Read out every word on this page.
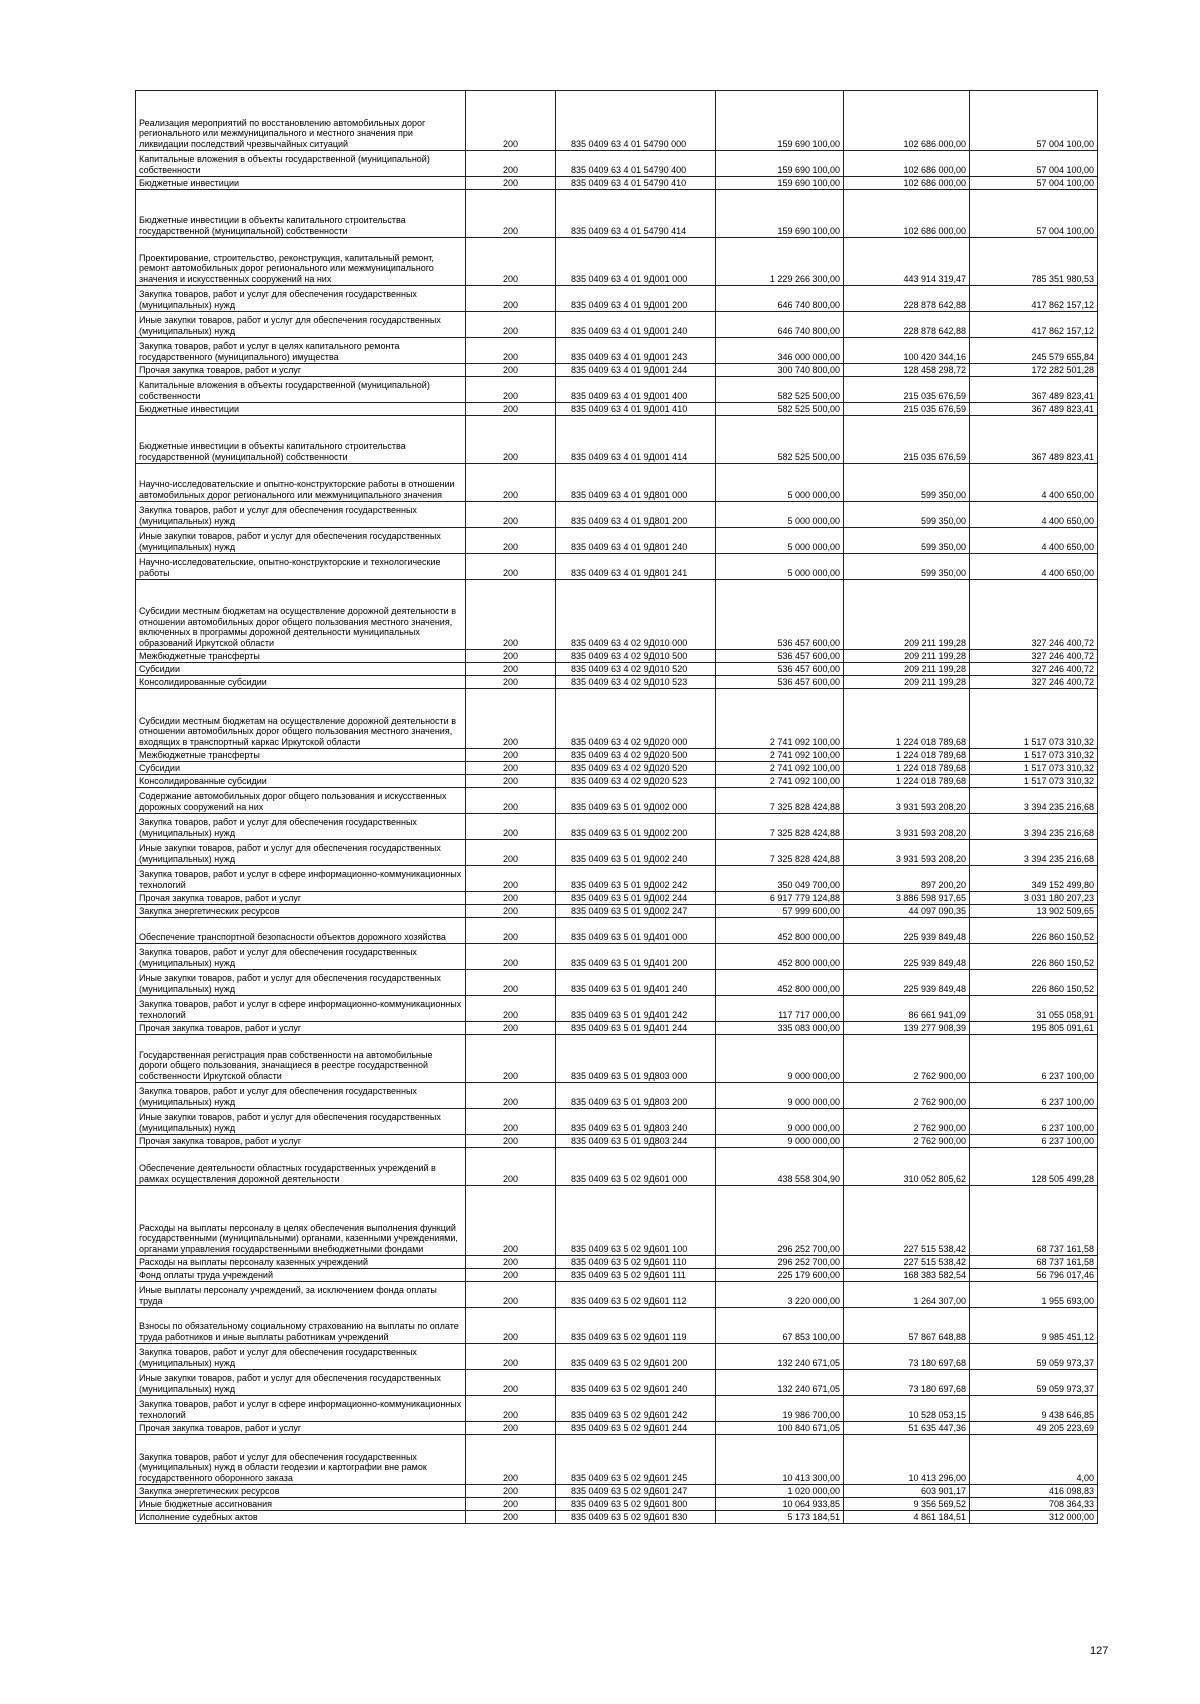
Реализация мероприятий по восстановлению автомобильных дорог регионального или межмуниципального и местного значения при ликвидации последствий чрезвычайных ситуаций	200	835 0409 63 4 01 54790 000	159 690 100,00	102 686 000,00	57 004 100,00
Капитальные вложения в объекты государственной (муниципальной) собственности	200	835 0409 63 4 01 54790 400	159 690 100,00	102 686 000,00	57 004 100,00
Бюджетные инвестиции	200	835 0409 63 4 01 54790 410	159 690 100,00	102 686 000,00	57 004 100,00
Бюджетные инвестиции в объекты капитального строительства государственной (муниципальной) собственности	200	835 0409 63 4 01 54790 414	159 690 100,00	102 686 000,00	57 004 100,00
Проектирование, строительство, реконструкция, капитальный ремонт, ремонт автомобильных дорог регионального или межмуниципального значения и искусственных сооружений на них	200	835 0409 63 4 01 9Д001 000	1 229 266 300,00	443 914 319,47	785 351 980,53
Закупка товаров, работ и услуг для обеспечения государственных (муниципальных) нужд	200	835 0409 63 4 01 9Д001 200	646 740 800,00	228 878 642,88	417 862 157,12
Иные закупки товаров, работ и услуг для обеспечения государственных (муниципальных) нужд	200	835 0409 63 4 01 9Д001 240	646 740 800,00	228 878 642,88	417 862 157,12
Закупка товаров, работ и услуг в целях капитального ремонта государственного (муниципального) имущества	200	835 0409 63 4 01 9Д001 243	346 000 000,00	100 420 344,16	245 579 655,84
Прочая закупка товаров, работ и услуг	200	835 0409 63 4 01 9Д001 244	300 740 800,00	128 458 298,72	172 282 501,28
Капитальные вложения в объекты государственной (муниципальной) собственности	200	835 0409 63 4 01 9Д001 400	582 525 500,00	215 035 676,59	367 489 823,41
Бюджетные инвестиции	200	835 0409 63 4 01 9Д001 410	582 525 500,00	215 035 676,59	367 489 823,41
Бюджетные инвестиции в объекты капитального строительства государственной (муниципальной) собственности	200	835 0409 63 4 01 9Д001 414	582 525 500,00	215 035 676,59	367 489 823,41
Научно-исследовательские и опытно-конструкторские работы в отношении автомобильных дорог регионального или межмуниципального значения	200	835 0409 63 4 01 9Д801 000	5 000 000,00	599 350,00	4 400 650,00
Закупка товаров, работ и услуг для обеспечения государственных (муниципальных) нужд	200	835 0409 63 4 01 9Д801 200	5 000 000,00	599 350,00	4 400 650,00
Иные закупки товаров, работ и услуг для обеспечения государственных (муниципальных) нужд	200	835 0409 63 4 01 9Д801 240	5 000 000,00	599 350,00	4 400 650,00
Научно-исследовательские, опытно-конструкторские и технологические работы	200	835 0409 63 4 01 9Д801 241	5 000 000,00	599 350,00	4 400 650,00
Субсидии местным бюджетам на осуществление дорожной деятельности в отношении автомобильных дорог общего пользования местного значения, включенных в программы дорожной деятельности муниципальных образований Иркутской области	200	835 0409 63 4 02 9Д010 000	536 457 600,00	209 211 199,28	327 246 400,72
Межбюджетные трансферты	200	835 0409 63 4 02 9Д010 500	536 457 600,00	209 211 199,28	327 246 400,72
Субсидии	200	835 0409 63 4 02 9Д010 520	536 457 600,00	209 211 199,28	327 246 400,72
Консолидированные субсидии	200	835 0409 63 4 02 9Д010 523	536 457 600,00	209 211 199,28	327 246 400,72
Субсидии местным бюджетам на осуществление дорожной деятельности в отношении автомобильных дорог общего пользования местного значения, входящих в транспортный каркас Иркутской области	200	835 0409 63 4 02 9Д020 000	2 741 092 100,00	1 224 018 789,68	1 517 073 310,32
Межбюджетные трансферты	200	835 0409 63 4 02 9Д020 500	2 741 092 100,00	1 224 018 789,68	1 517 073 310,32
Субсидии	200	835 0409 63 4 02 9Д020 520	2 741 092 100,00	1 224 018 789,68	1 517 073 310,32
Консолидированные субсидии	200	835 0409 63 4 02 9Д020 523	2 741 092 100,00	1 224 018 789,68	1 517 073 310,32
Содержание автомобильных дорог общего пользования и искусственных дорожных сооружений на них	200	835 0409 63 5 01 9Д002 000	7 325 828 424,88	3 931 593 208,20	3 394 235 216,68
Закупка товаров, работ и услуг для обеспечения государственных (муниципальных) нужд	200	835 0409 63 5 01 9Д002 200	7 325 828 424,88	3 931 593 208,20	3 394 235 216,68
Иные закупки товаров, работ и услуг для обеспечения государственных (муниципальных) нужд	200	835 0409 63 5 01 9Д002 240	7 325 828 424,88	3 931 593 208,20	3 394 235 216,68
Закупка товаров, работ и услуг в сфере информационно-коммуникационных технологий	200	835 0409 63 5 01 9Д002 242	350 049 700,00	897 200,20	349 152 499,80
Прочая закупка товаров, работ и услуг	200	835 0409 63 5 01 9Д002 244	6 917 779 124,88	3 886 598 917,65	3 031 180 207,23
Закупка энергетических ресурсов	200	835 0409 63 5 01 9Д002 247	57 999 600,00	44 097 090,35	13 902 509,65
Обеспечение транспортной безопасности объектов дорожного хозяйства	200	835 0409 63 5 01 9Д401 000	452 800 000,00	225 939 849,48	226 860 150,52
Закупка товаров, работ и услуг для обеспечения государственных (муниципальных) нужд	200	835 0409 63 5 01 9Д401 200	452 800 000,00	225 939 849,48	226 860 150,52
Иные закупки товаров, работ и услуг для обеспечения государственных (муниципальных) нужд	200	835 0409 63 5 01 9Д401 240	452 800 000,00	225 939 849,48	226 860 150,52
Закупка товаров, работ и услуг в сфере информационно-коммуникационных технологий	200	835 0409 63 5 01 9Д401 242	117 717 000,00	86 661 941,09	31 055 058,91
Прочая закупка товаров, работ и услуг	200	835 0409 63 5 01 9Д401 244	335 083 000,00	139 277 908,39	195 805 091,61
Государственная регистрация прав собственности на автомобильные дороги общего пользования, значащиеся в реестре государственной собственности Иркутской области	200	835 0409 63 5 01 9Д803 000	9 000 000,00	2 762 900,00	6 237 100,00
Закупка товаров, работ и услуг для обеспечения государственных (муниципальных) нужд	200	835 0409 63 5 01 9Д803 200	9 000 000,00	2 762 900,00	6 237 100,00
Иные закупки товаров, работ и услуг для обеспечения государственных (муниципальных) нужд	200	835 0409 63 5 01 9Д803 240	9 000 000,00	2 762 900,00	6 237 100,00
Прочая закупка товаров, работ и услуг	200	835 0409 63 5 01 9Д803 244	9 000 000,00	2 762 900,00	6 237 100,00
Обеспечение деятельности областных государственных учреждений в рамках осуществления дорожной деятельности	200	835 0409 63 5 02 9Д601 000	438 558 304,90	310 052 805,62	128 505 499,28
Расходы на выплаты персоналу в целях обеспечения выполнения функций государственными (муниципальными) органами, казенными учреждениями, органами управления государственными внебюджетными фондами	200	835 0409 63 5 02 9Д601 100	296 252 700,00	227 515 538,42	68 737 161,58
Расходы на выплаты персоналу казенных учреждений	200	835 0409 63 5 02 9Д601 110	296 252 700,00	227 515 538,42	68 737 161,58
Фонд оплаты труда учреждений	200	835 0409 63 5 02 9Д601 111	225 179 600,00	168 383 582,54	56 796 017,46
Иные выплаты персоналу учреждений, за исключением фонда оплаты труда	200	835 0409 63 5 02 9Д601 112	3 220 000,00	1 264 307,00	1 955 693,00
Взносы по обязательному социальному страхованию на выплаты по оплате труда работников и иные выплаты работникам учреждений	200	835 0409 63 5 02 9Д601 119	67 853 100,00	57 867 648,88	9 985 451,12
Закупка товаров, работ и услуг для обеспечения государственных (муниципальных) нужд	200	835 0409 63 5 02 9Д601 200	132 240 671,05	73 180 697,68	59 059 973,37
Иные закупки товаров, работ и услуг для обеспечения государственных (муниципальных) нужд	200	835 0409 63 5 02 9Д601 240	132 240 671,05	73 180 697,68	59 059 973,37
Закупка товаров, работ и услуг в сфере информационно-коммуникационных технологий	200	835 0409 63 5 02 9Д601 242	19 986 700,00	10 528 053,15	9 438 646,85
Прочая закупка товаров, работ и услуг	200	835 0409 63 5 02 9Д601 244	100 840 671,05	51 635 447,36	49 205 223,69
Закупка товаров, работ и услуг для обеспечения государственных (муниципальных) нужд в области геодезии и картографии вне рамок государственного оборонного заказа	200	835 0409 63 5 02 9Д601 245	10 413 300,00	10 413 296,00	4,00
Закупка энергетических ресурсов	200	835 0409 63 5 02 9Д601 247	1 020 000,00	603 901,17	416 098,83
Иные бюджетные ассигнования	200	835 0409 63 5 02 9Д601 800	10 064 933,85	9 356 569,52	708 364,33
Исполнение судебных актов	200	835 0409 63 5 02 9Д601 830	5 173 184,51	4 861 184,51	312 000,00
127
